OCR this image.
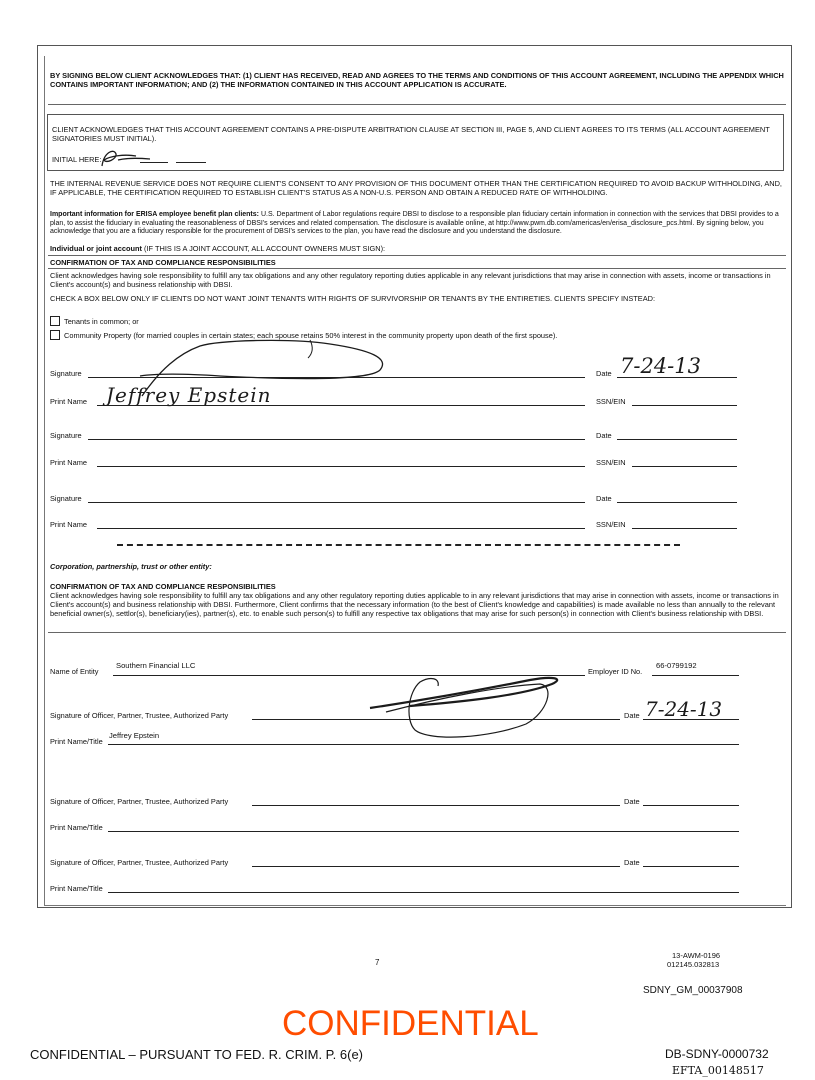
BY SIGNING BELOW CLIENT ACKNOWLEDGES THAT: (1) CLIENT HAS RECEIVED, READ AND AGREES TO THE TERMS AND CONDITIONS OF THIS ACCOUNT AGREEMENT, INCLUDING THE APPENDIX WHICH CONTAINS IMPORTANT INFORMATION; AND (2) THE INFORMATION CONTAINED IN THIS ACCOUNT APPLICATION IS ACCURATE.

CLIENT ACKNOWLEDGES THAT THIS ACCOUNT AGREEMENT CONTAINS A PRE-DISPUTE ARBITRATION CLAUSE AT SECTION III, PAGE 5, AND CLIENT AGREES TO ITS TERMS (ALL ACCOUNT AGREEMENT SIGNATORIES MUST INITIAL).

INITIAL HERE:

THE INTERNAL REVENUE SERVICE DOES NOT REQUIRE CLIENT'S CONSENT TO ANY PROVISION OF THIS DOCUMENT OTHER THAN THE CERTIFICATION REQUIRED TO AVOID BACKUP WITHHOLDING, AND, IF APPLICABLE, THE CERTIFICATION REQUIRED TO ESTABLISH CLIENT'S STATUS AS A NON-U.S. PERSON AND OBTAIN A REDUCED RATE OF WITHHOLDING.

Important information for ERISA employee benefit plan clients: U.S. Department of Labor regulations require DBSI to disclose to a responsible plan fiduciary certain information in connection with the services that DBSI provides to a plan, to assist the fiduciary in evaluating the reasonableness of DBSI's services and related compensation. The disclosure is available online, at http://www.pwm.db.com/americas/en/erisa_disclosure_pcs.html. By signing below, you acknowledge that you are a fiduciary responsible for the procurement of DBSI's services to the plan, you have read the disclosure and you understand the disclosure.

Individual or joint account (IF THIS IS A JOINT ACCOUNT, ALL ACCOUNT OWNERS MUST SIGN):

CONFIRMATION OF TAX AND COMPLIANCE RESPONSIBILITIES

Client acknowledges having sole responsibility to fulfill any tax obligations and any other regulatory reporting duties applicable in any relevant jurisdictions that may arise in connection with assets, income or transactions in Client's account(s) and business relationship with DBSI.

CHECK A BOX BELOW ONLY IF CLIENTS DO NOT WANT JOINT TENANTS WITH RIGHTS OF SURVIVORSHIP OR TENANTS BY THE ENTIRETIES. CLIENTS SPECIFY INSTEAD:

Tenants in common; or
Community Property (for married couples in certain states; each spouse retains 50% interest in the community property upon death of the first spouse).
Signature	Date 7-24-13
Print Name Jeffrey Epstein	SSN/EIN
Signature	Date
Print Name	SSN/EIN
Signature	Date
Print Name	SSN/EIN

Corporation, partnership, trust or other entity:

CONFIRMATION OF TAX AND COMPLIANCE RESPONSIBILITIES

Client acknowledges having sole responsibility to fulfill any tax obligations and any other regulatory reporting duties applicable to in any relevant jurisdictions that may arise in connection with assets, income or transactions in Client's account(s) and business relationship with DBSI. Furthermore, Client confirms that the necessary information (to the best of Client's knowledge and capabilities) is made available no less than annually to the relevant beneficial owner(s), settlor(s), beneficiary(ies), partner(s), etc. to enable such person(s) to fulfill any respective tax obligations that may arise for such person(s) in connection with Client's business relationship with DBSI.

Name of Entity
Southern Financial LLC
Employer ID No.
66-0799192
Signature of Officer, Partner, Trustee, Authorized Party	Date 7-24-13
Print Name/Title
Jeffrey Epstein
Signature of Officer, Partner, Trustee, Authorized Party	Date
Print Name/Title
Signature of Officer, Partner, Trustee, Authorized Party	Date
Print Name/Title
7
13-AWM-0196
012145.032813
SDNY_GM_00037908
CONFIDENTIAL
CONFIDENTIAL – PURSUANT TO FED. R. CRIM. P. 6(e)	DB-SDNY-0000732
EFTA_00148517
